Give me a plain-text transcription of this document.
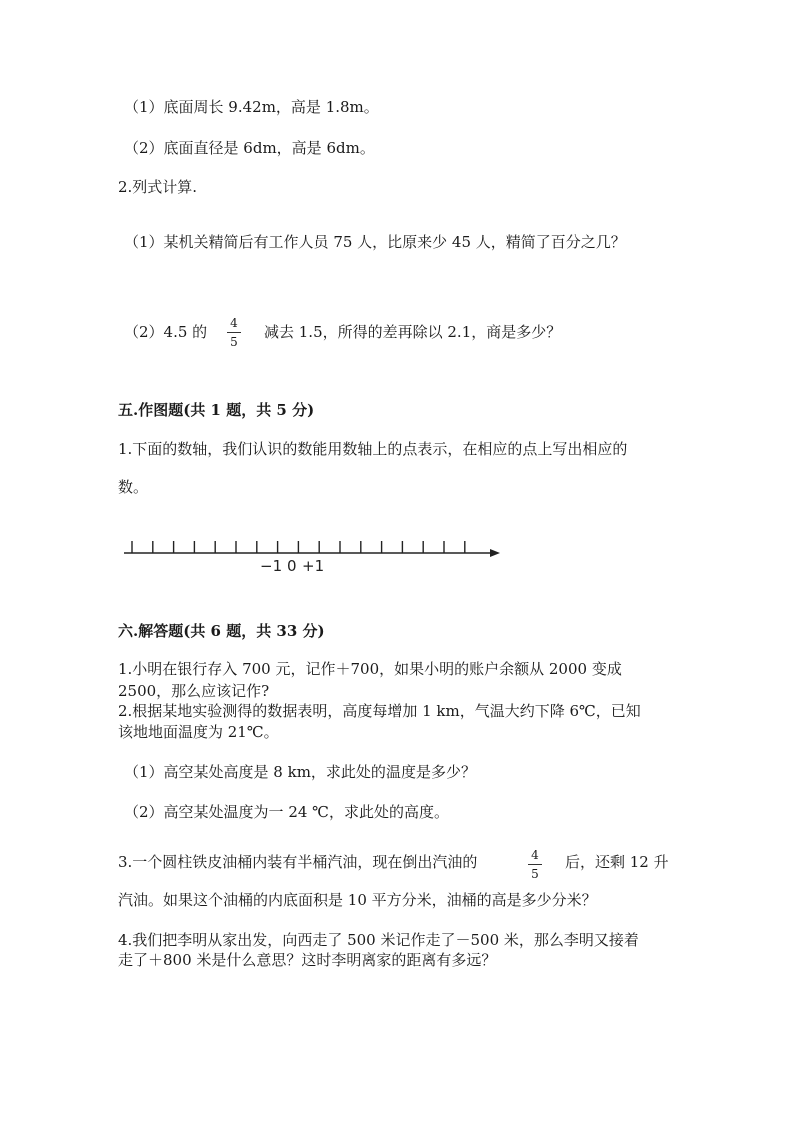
（1）底面周长 9.42m，高是 1.8m。
（2）底面直径是 6dm，高是 6dm。
2.列式计算.
（1）某机关精简后有工作人员 75 人，比原来少 45 人，精简了百分之几？
（2）4.5 的 4
5
减去 1.5，所得的差再除以 2.1，商是多少？
五.作图题(共 1 题，共 5 分)
1.下面的数轴，我们认识的数能用数轴上的点表示，在相应的点上写出相应的
数。
−1 0 +1
六.解答题(共 6 题，共 33 分)
1.小明在银行存入 700 元，记作＋700，如果小明的账户余额从 2000 变成
2500，那么应该记作?
2.根据某地实验测得的数据表明，高度每增加 1 km，气温大约下降 6℃，已知
该地地面温度为 21℃。
（1）高空某处高度是 8 km，求此处的温度是多少？
（2）高空某处温度为一 24 ℃，求此处的高度。
3.一个圆柱铁皮油桶内装有半桶汽油，现在倒出汽油的	4
5
后，还剩 12 升
汽油。如果这个油桶的内底面积是 10 平方分米，油桶的高是多少分米？
4.我们把李明从家出发，向西走了 500 米记作走了－500 米，那么李明又接着
走了＋800 米是什么意思？这时李明离家的距离有多远？
